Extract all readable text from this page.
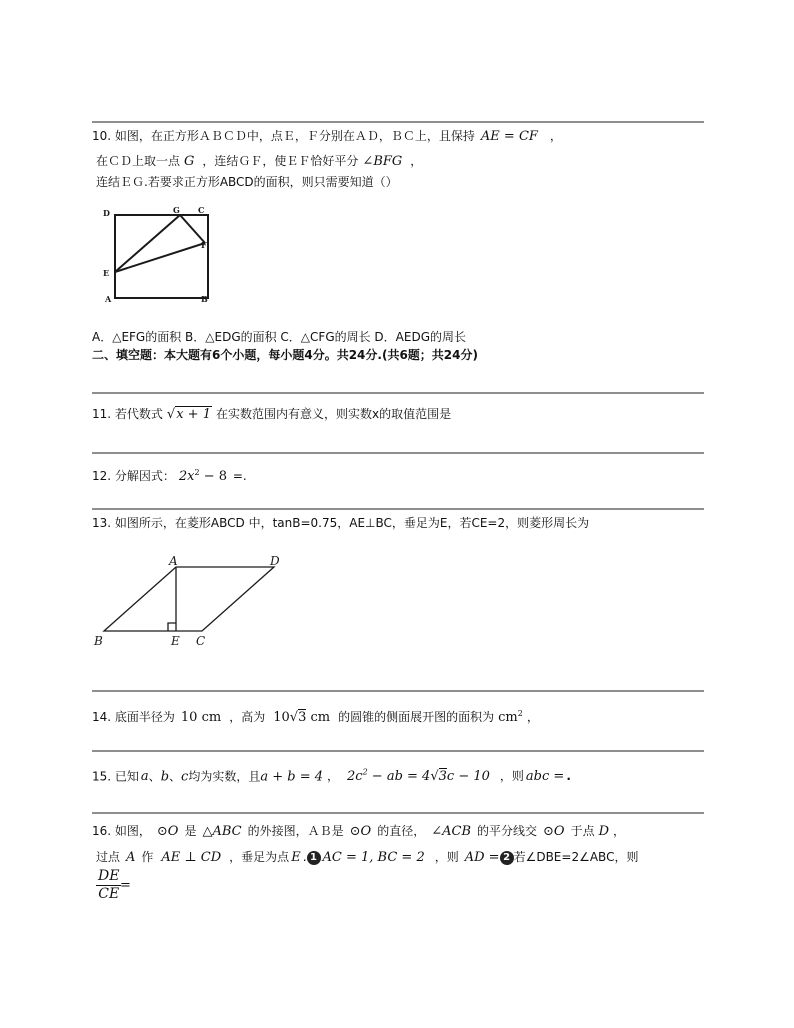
10. 如图，在正方形ＡＢＣＤ中，点Ｅ，Ｆ分别在ＡＤ，ＢＣ上，且保持 AE = CF ，
在ＣＤ上取一点 G ，连结ＧＦ，使ＥＦ恰好平分 ∠BFG ，
连结ＥＧ.若要求正方形ABCD的面积，则只需要知道（）
D	G C
F
E
A	B
A．△EFG的面积 B．△EDG的面积 C．△CFG的周长 D．AEDG的周长
二、填空题：本大题有6个小题，每小题4分。共24分.(共6题；共24分)
11. 若代数式 √x + 1 在实数范围内有意义，则实数x的取值范围是
12. 分解因式： $2x^2 - 8$ =.
13. 如图所示，在菱形ABCD 中，tanB=0.75，AE⊥BC，垂足为E，若CE=2，则菱形周长为
A	D
B	E C
14. 底面半径为 10 cm ，高为 10√3 cm 的圆锥的侧面展开图的面积为 $cm^2$ ，
15. 已知 a、b、c均为实数，且a + b = 4 ， $2c^2$ − ab = 4√3c − 10 ，则 abc = .
16. 如图， ⊙O 是 △ABC 的外接图，ＡＢ是 ⊙O 的直径， ∠ACB 的平分线交 ⊙O 于点 D ，
过点 A 作 AE ⊥ CD ，垂足为点 E . 1 AC = 1, BC = 2 ，则 AD = 2 若∠DBE=2∠ABC，则
$\frac{DE}{CE}$
=
